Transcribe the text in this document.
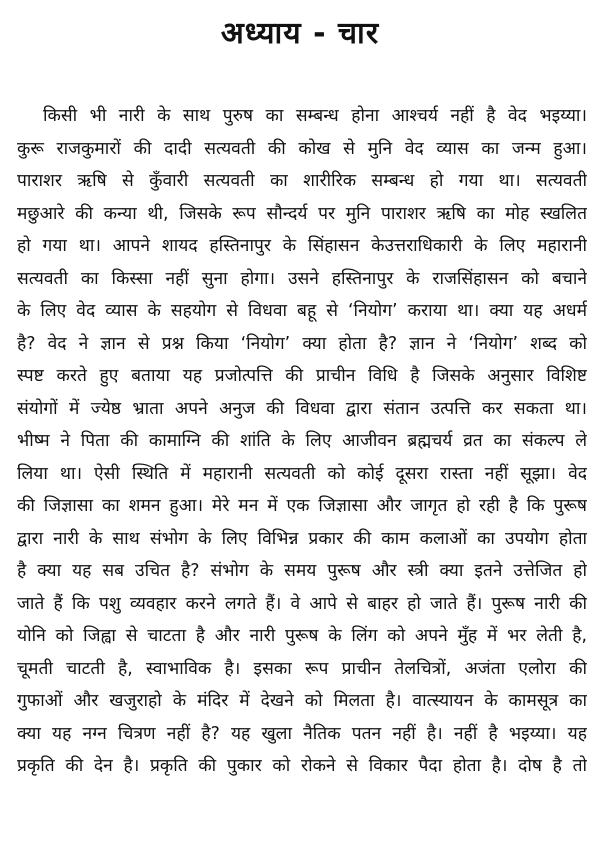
अध्याय - चार
किसी भी नारी के साथ पुरुष का सम्बन्ध होना आश्चर्य नहीं है वेद भइय्या।
कुरू राजकुमारों की दादी सत्यवती की कोख से मुनि वेद व्यास का जन्म हुआ।
पाराशर ऋषि से कुँवारी सत्यवती का शारीरिक सम्बन्ध हो गया था। सत्यवती
मछुआरे की कन्या थी, जिसके रूप सौन्दर्य पर मुनि पाराशर ऋषि का मोह स्खलित
हो गया था। आपने शायद हस्तिनापुर के सिंहासन केउत्तराधिकारी के लिए महारानी
सत्यवती का किस्सा नहीं सुना होगा। उसने हस्तिनापुर के राजसिंहासन को बचाने
के लिए वेद व्यास के सहयोग से विधवा बहू से ‘नियोग’ कराया था। क्या यह अधर्म
है? वेद ने ज्ञान से प्रश्न किया ‘नियोग’ क्या होता है? ज्ञान ने ‘नियोग’ शब्द को
स्पष्ट करते हुए बताया यह प्रजोत्पत्ति की प्राचीन विधि है जिसके अनुसार विशिष्ट
संयोगों में ज्येष्ठ भ्राता अपने अनुज की विधवा द्वारा संतान उत्पत्ति कर सकता था।
भीष्म ने पिता की कामाग्नि की शांति के लिए आजीवन ब्रह्मचर्य व्रत का संकल्प ले
लिया था। ऐसी स्थिति में महारानी सत्यवती को कोई दूसरा रास्ता नहीं सूझा। वेद
की जिज्ञासा का शमन हुआ। मेरे मन में एक जिज्ञासा और जागृत हो रही है कि पुरूष
द्वारा नारी के साथ संभोग के लिए विभिन्न प्रकार की काम कलाओं का उपयोग होता
है क्या यह सब उचित है? संभोग के समय पुरूष और स्त्री क्या इतने उत्तेजित हो
जाते हैं कि पशु व्यवहार करने लगते हैं। वे आपे से बाहर हो जाते हैं। पुरूष नारी की
योनि को जिह्वा से चाटता है और नारी पुरूष के लिंग को अपने मुँह में भर लेती है,
चूमती चाटती है, स्वाभाविक है। इसका रूप प्राचीन तेलचित्रों, अजंता एलोरा की
गुफाओं और खजुराहो के मंदिर में देखने को मिलता है। वात्स्यायन के कामसूत्र का
क्या यह नग्न चित्रण नहीं है? यह खुला नैतिक पतन नहीं है। नहीं है भइय्या। यह
प्रकृति की देन है। प्रकृति की पुकार को रोकने से विकार पैदा होता है। दोष है तो
